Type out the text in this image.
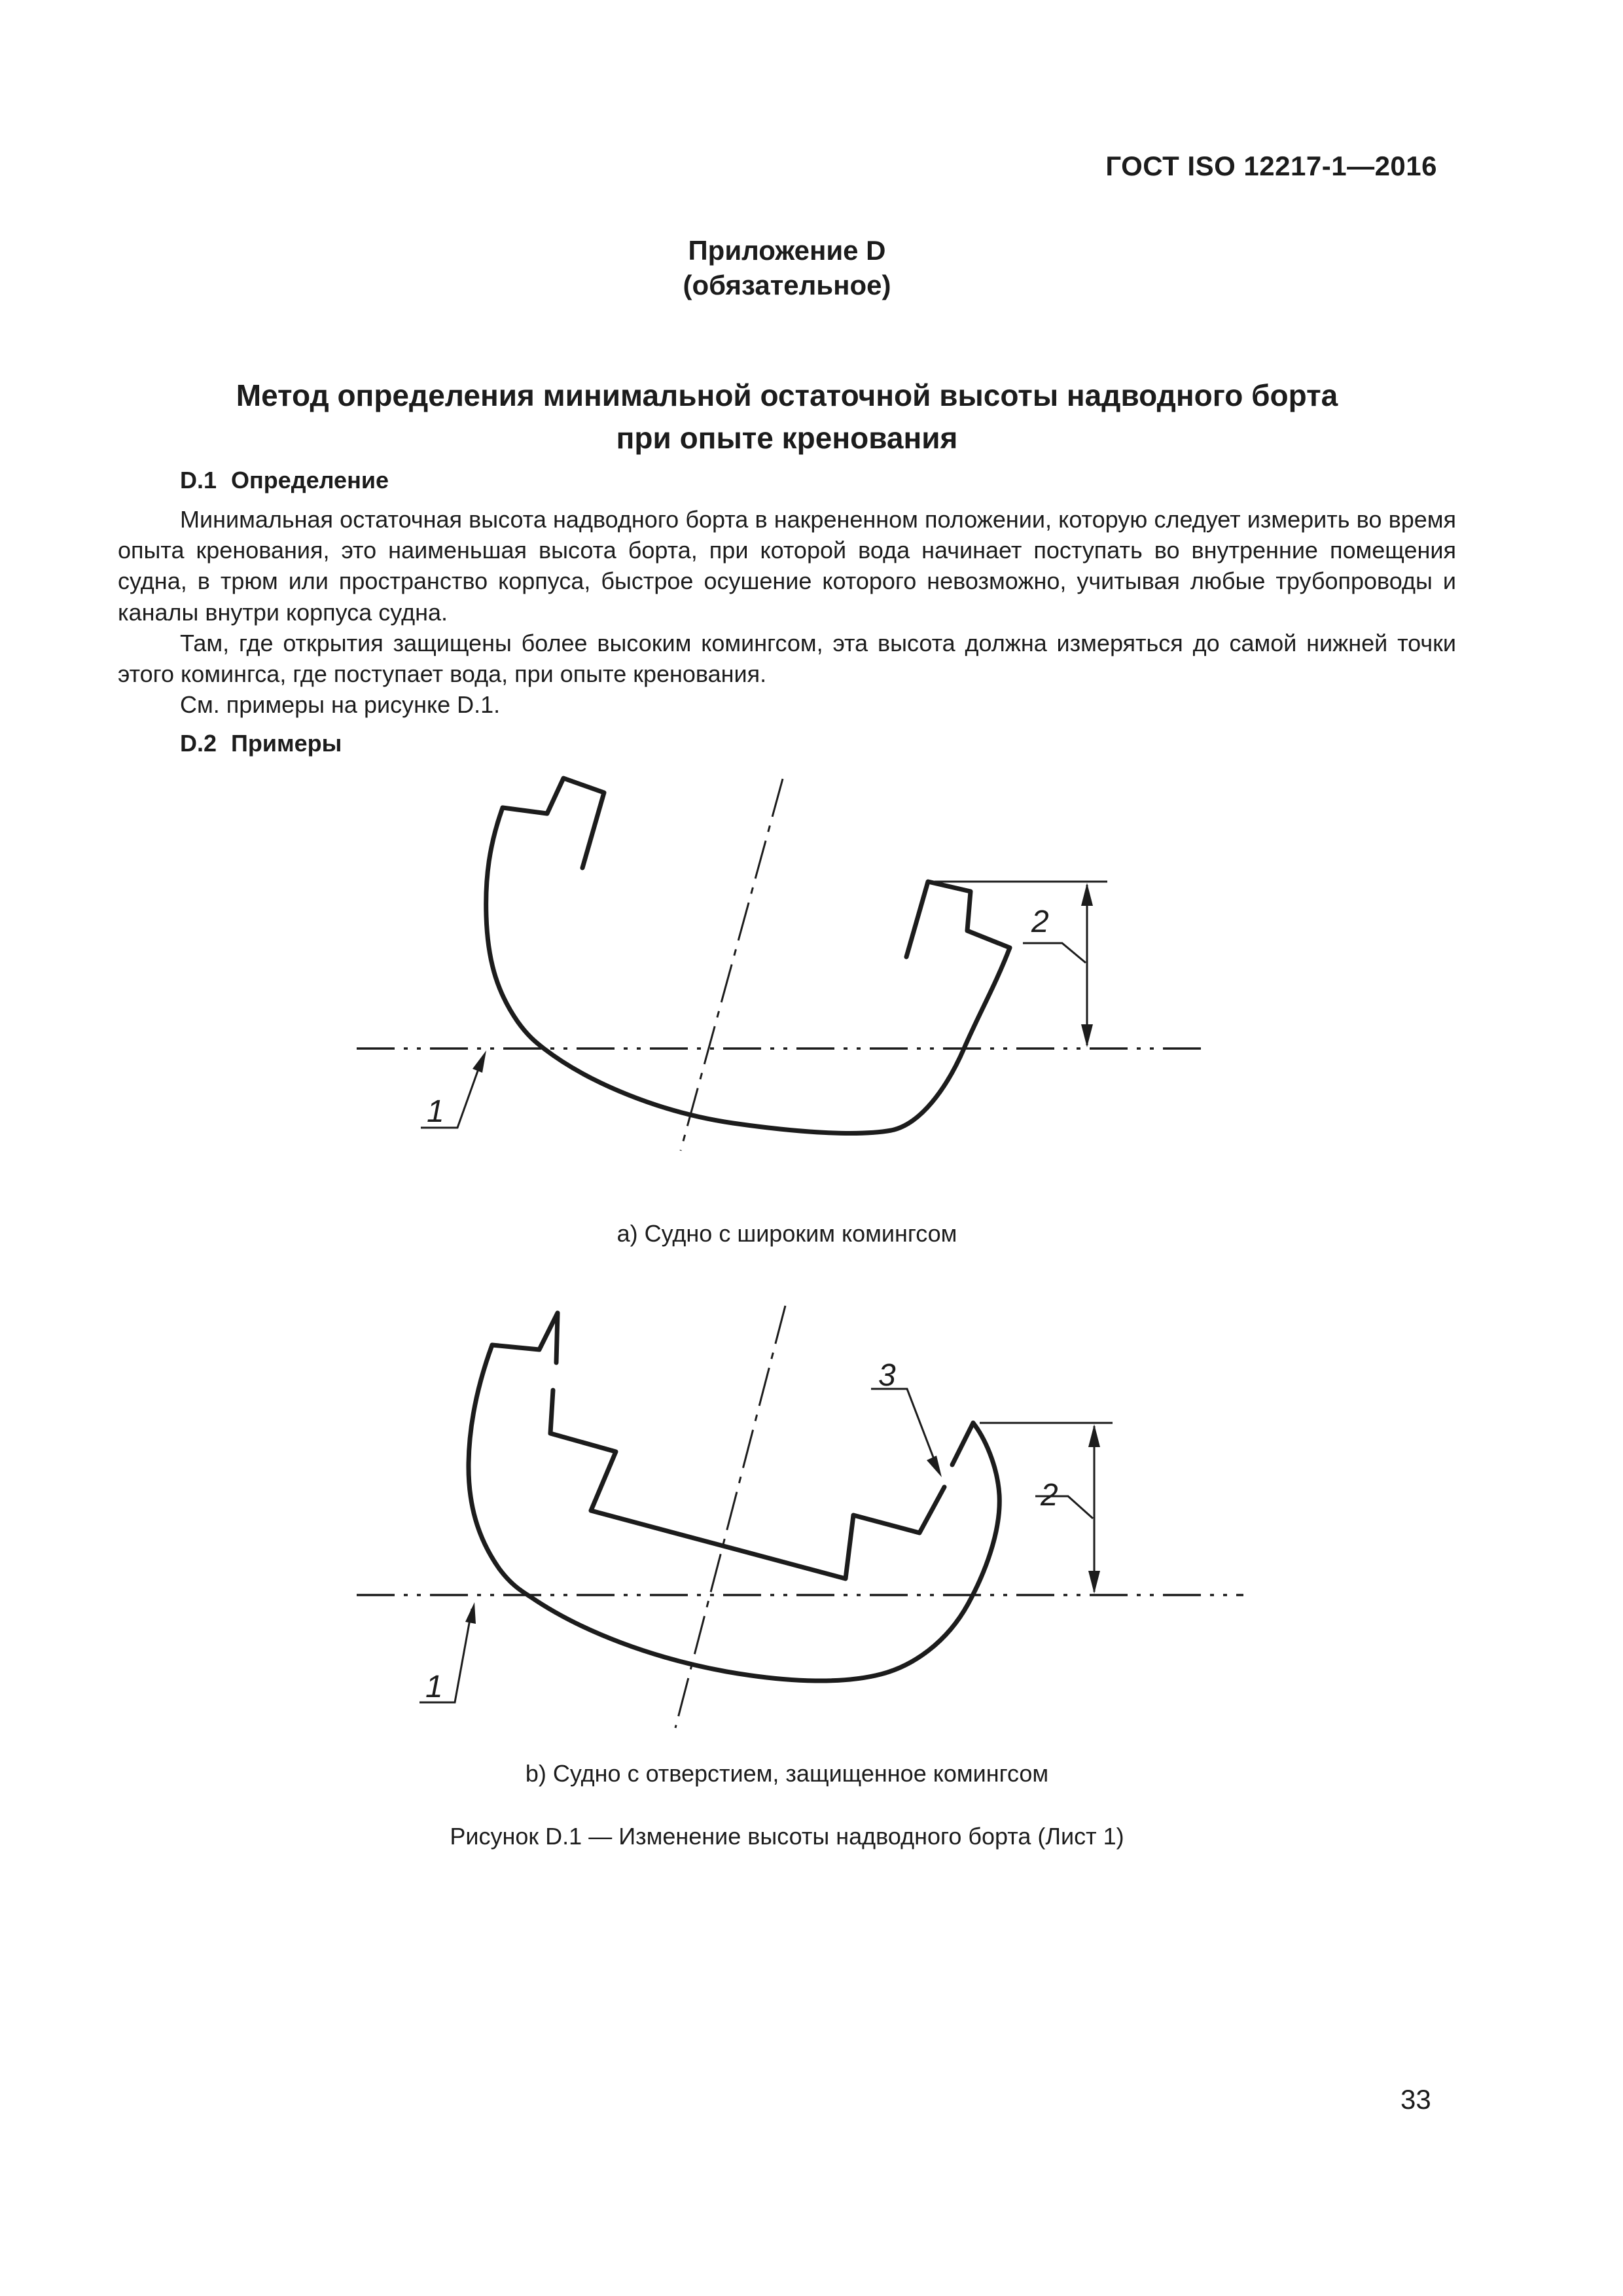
ГОСТ ISO 12217-1—2016
Приложение D
(обязательное)
Метод определения минимальной остаточной высоты надводного борта
при опыте кренования
D.1 Определение

Минимальная остаточная высота надводного борта в накрененном положении, которую следует измерить во время опыта кренования, это наименьшая высота борта, при которой вода начинает поступать во внутренние помещения судна, в трюм или пространство корпуса, быстрое осушение которого невозможно, учитывая любые трубопроводы и каналы внутри корпуса судна.

Там, где открытия защищены более высоким комингсом, эта высота должна измеряться до самой нижней точки этого комингса, где поступает вода, при опыте кренования.

См. примеры на рисунке D.1.

D.2 Примеры
2
1
a) Судно с широким комингсом
2
3
1
b) Судно с отверстием, защищенное комингсом
Рисунок D.1 — Изменение высоты надводного борта (Лист 1)
33
